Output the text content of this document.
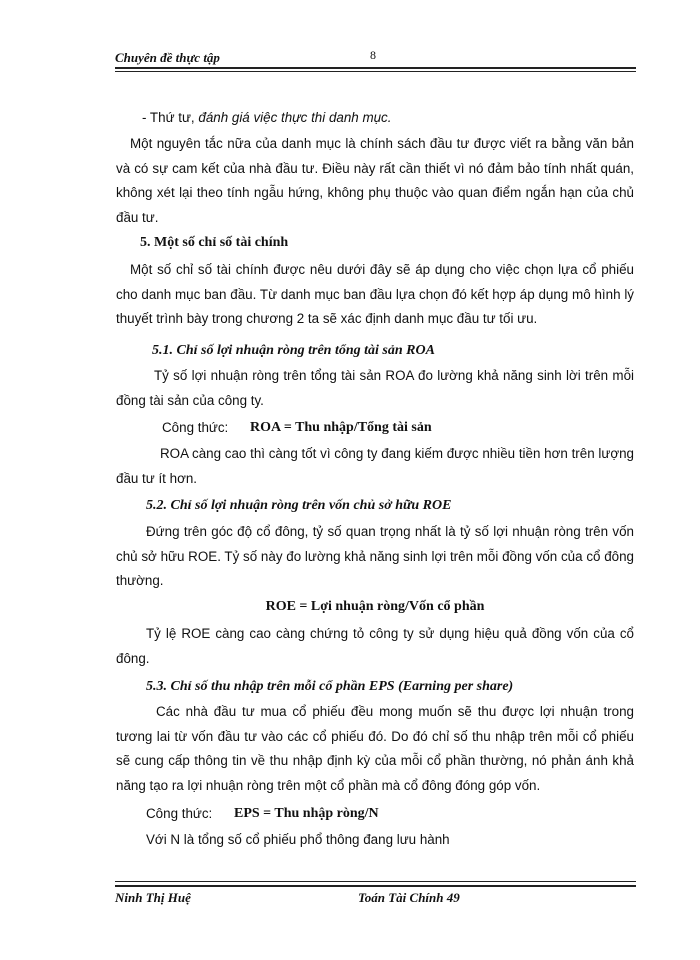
Chuyên đề thực tập	8

- Thứ tư, đánh giá việc thực thi danh mục.

Một nguyên tắc nữa của danh mục là chính sách đầu tư được viết ra bằng văn bản và có sự cam kết của nhà đầu tư. Điều này rất cần thiết vì nó đảm bảo tính nhất quán, không xét lại theo tính ngẫu hứng, không phụ thuộc vào quan điểm ngắn hạn của chủ đầu tư.

5. Một số chỉ số tài chính

Một số chỉ số tài chính được nêu dưới đây sẽ áp dụng cho việc chọn lựa cổ phiếu cho danh mục ban đầu. Từ danh mục ban đầu lựa chọn đó kết hợp áp dụng mô hình lý thuyết trình bày trong chương 2 ta sẽ xác định danh mục đầu tư tối ưu.

5.1. Chỉ số lợi nhuận ròng trên tổng tài sản ROA

Tỷ số lợi nhuận ròng trên tổng tài sản ROA đo lường khả năng sinh lời trên mỗi đồng tài sản của công ty.

Công thức: ROA = Thu nhập/Tổng tài sản

ROA càng cao thì càng tốt vì công ty đang kiếm được nhiều tiền hơn trên lượng đầu tư ít hơn.

5.2. Chỉ số lợi nhuận ròng trên vốn chủ sở hữu ROE

Đứng trên góc độ cổ đông, tỷ số quan trọng nhất là tỷ số lợi nhuận ròng trên vốn chủ sở hữu ROE. Tỷ số này đo lường khả năng sinh lợi trên mỗi đồng vốn của cổ đông thường.

ROE = Lợi nhuận ròng/Vốn cổ phần

Tỷ lệ ROE càng cao càng chứng tỏ công ty sử dụng hiệu quả đồng vốn của cổ đông.

5.3. Chỉ số thu nhập trên mỗi cổ phần EPS (Earning per share)

Các nhà đầu tư mua cổ phiếu đều mong muốn sẽ thu được lợi nhuận trong tương lai từ vốn đầu tư vào các cổ phiếu đó. Do đó chỉ số thu nhập trên mỗi cổ phiếu sẽ cung cấp thông tin về thu nhập định kỳ của mỗi cổ phần thường, nó phản ánh khả năng tạo ra lợi nhuận ròng trên một cổ phần mà cổ đông đóng góp vốn.

Công thức: EPS = Thu nhập ròng/N

Với N là tổng số cổ phiếu phổ thông đang lưu hành

Ninh Thị Huệ	Toán Tài Chính 49
